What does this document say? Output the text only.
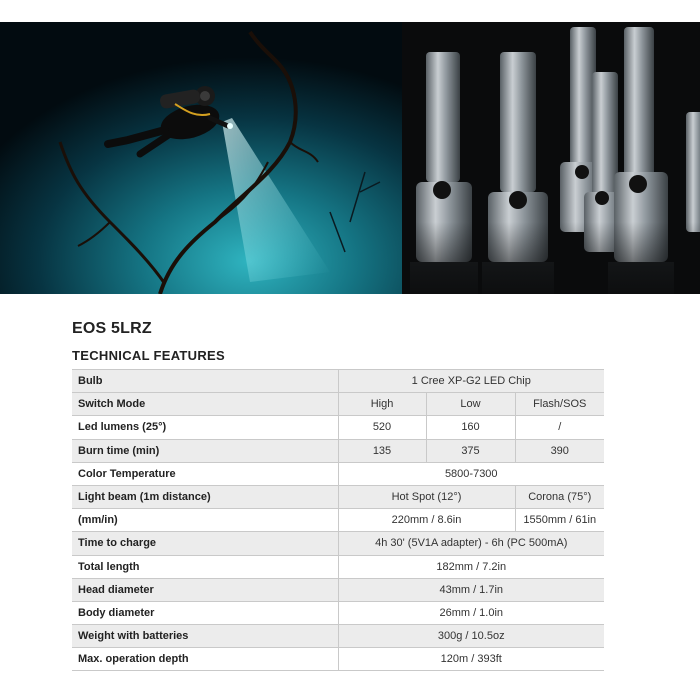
EOS 5LRZ
TECHNICAL FEATURES
Bulb	1 Cree XP-G2 LED Chip		
Switch Mode	High	Low	Flash/SOS
Led lumens (25°)	520	160	/
Burn time (min)	135	375	390
Color Temperature	5800-7300		
Light beam (1m distance)	Hot Spot (12°)		Corona (75°)
(mm/in)	220mm / 8.6in		1550mm / 61in
Time to charge	4h 30' (5V1A adapter) - 6h (PC 500mA)		
Total length	182mm / 7.2in		
Head diameter	43mm / 1.7in		
Body diameter	26mm / 1.0in		
Weight with batteries	300g / 10.5oz		
Max. operation depth	120m / 393ft		
